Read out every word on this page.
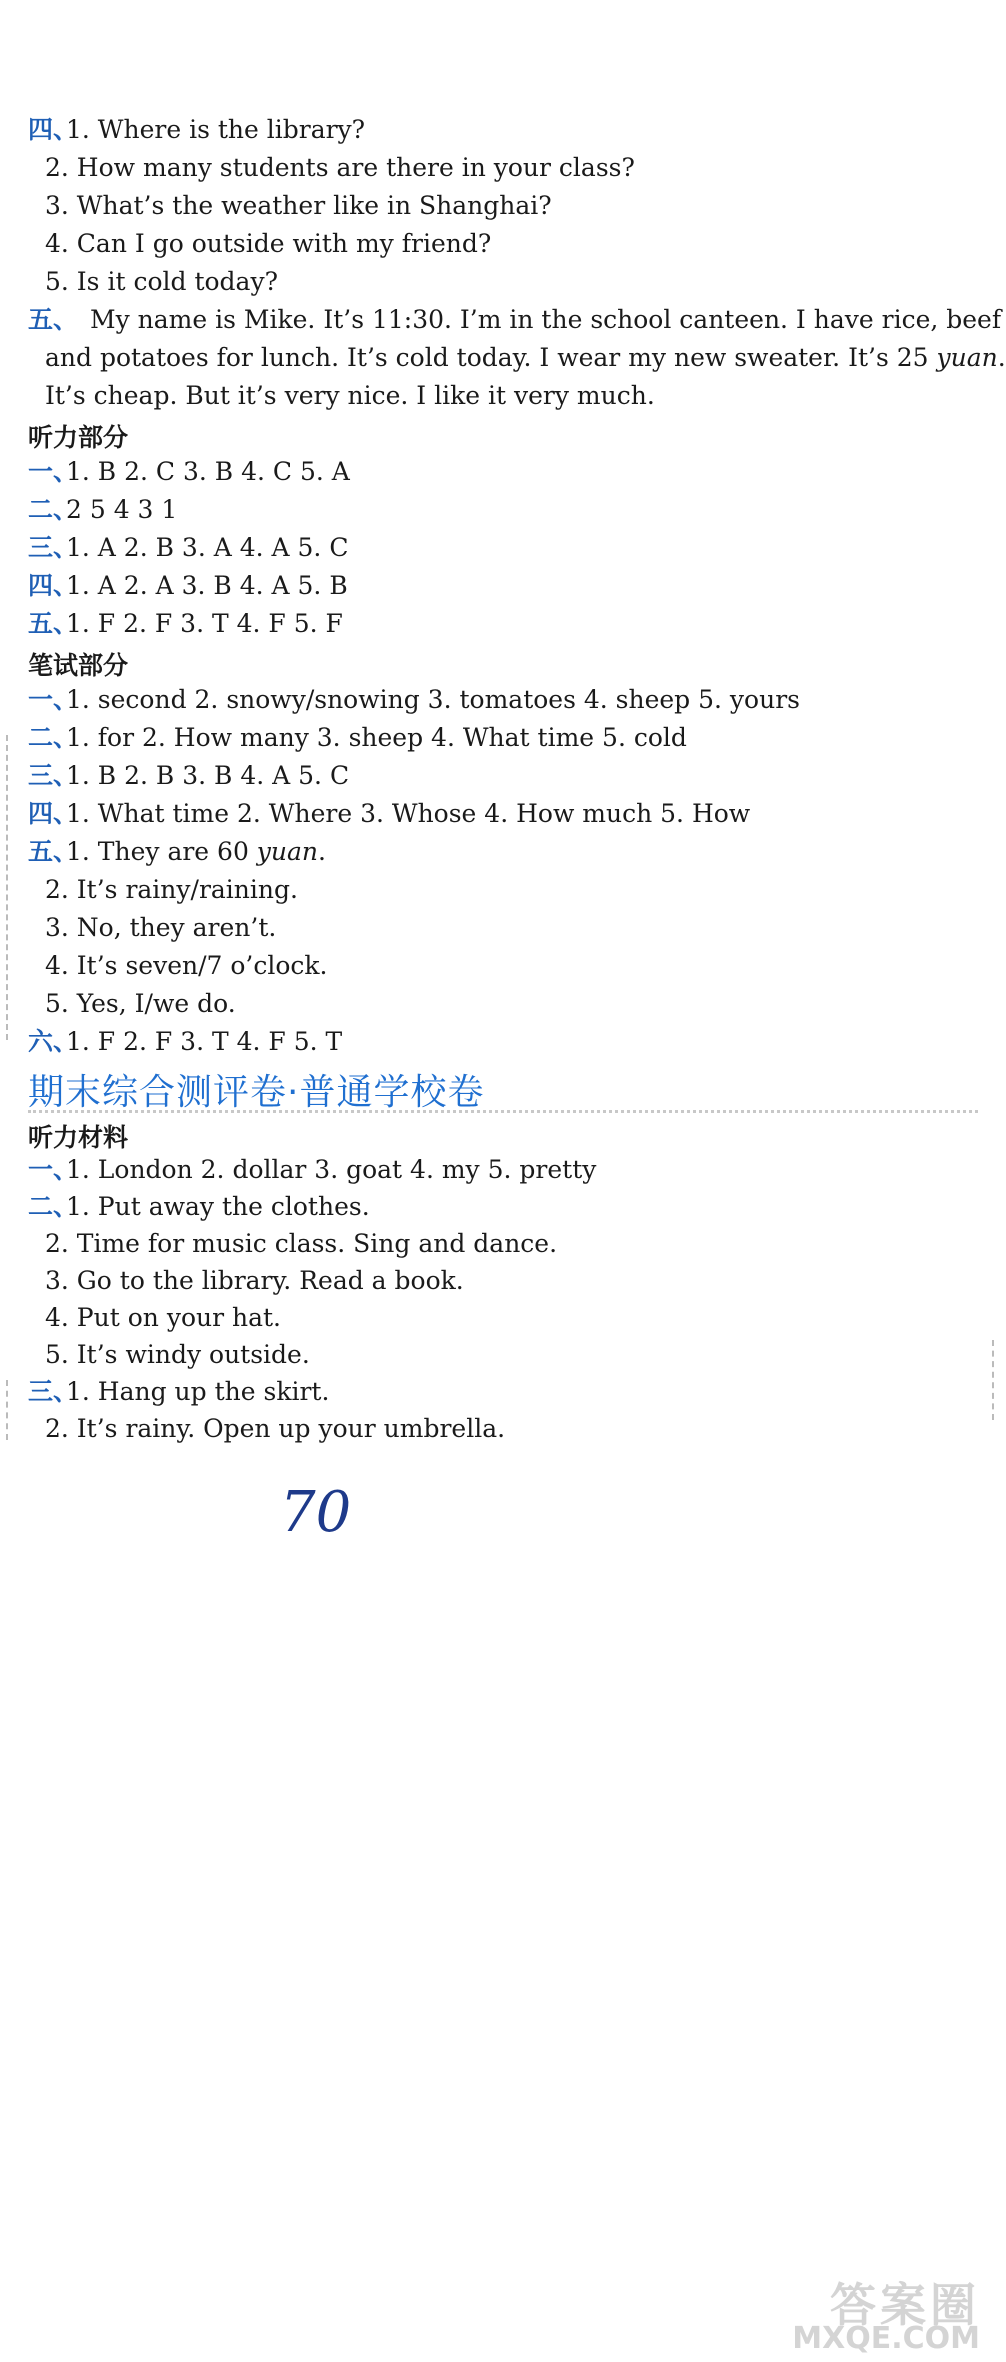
四、
1. Where is the library?
2. How many students are there in your class?
3. What’s the weather like in Shanghai?
4. Can I go outside with my friend?
5. Is it cold today?
五、 My name is Mike. It’s 11:30. I’m in the school canteen. I have rice, beef
and potatoes for lunch. It’s cold today. I wear my new sweater. It’s 25 yuan.
It’s cheap. But it’s very nice. I like it very much.
听力部分
一、
1. B 2. C 3. B 4. C 5. A
二、
2 5 4 3 1
三、
1. A 2. B 3. A 4. A 5. C
四、
1. A 2. A 3. B 4. A 5. B
五、
1. F 2. F 3. T 4. F 5. F
笔试部分
一、
1. second 2. snowy/snowing 3. tomatoes 4. sheep 5. yours
二、
1. for 2. How many 3. sheep 4. What time 5. cold
三、
1. B 2. B 3. B 4. A 5. C
四、
1. What time 2. Where 3. Whose 4. How much 5. How
五、
1. They are 60 yuan.
2. It’s rainy/raining.
3. No, they aren’t.
4. It’s seven/7 o’clock.
5. Yes, I/we do.
六、
1. F 2. F 3. T 4. F 5. T
期末综合测评卷·普通学校卷
听力材料
一、
1. London 2. dollar 3. goat 4. my 5. pretty
二、
1. Put away the clothes.
2. Time for music class. Sing and dance.
3. Go to the library. Read a book.
4. Put on your hat.
5. It’s windy outside.
三、
1. Hang up the skirt.
2. It’s rainy. Open up your umbrella.
70
答案圈
MXQE.COM
